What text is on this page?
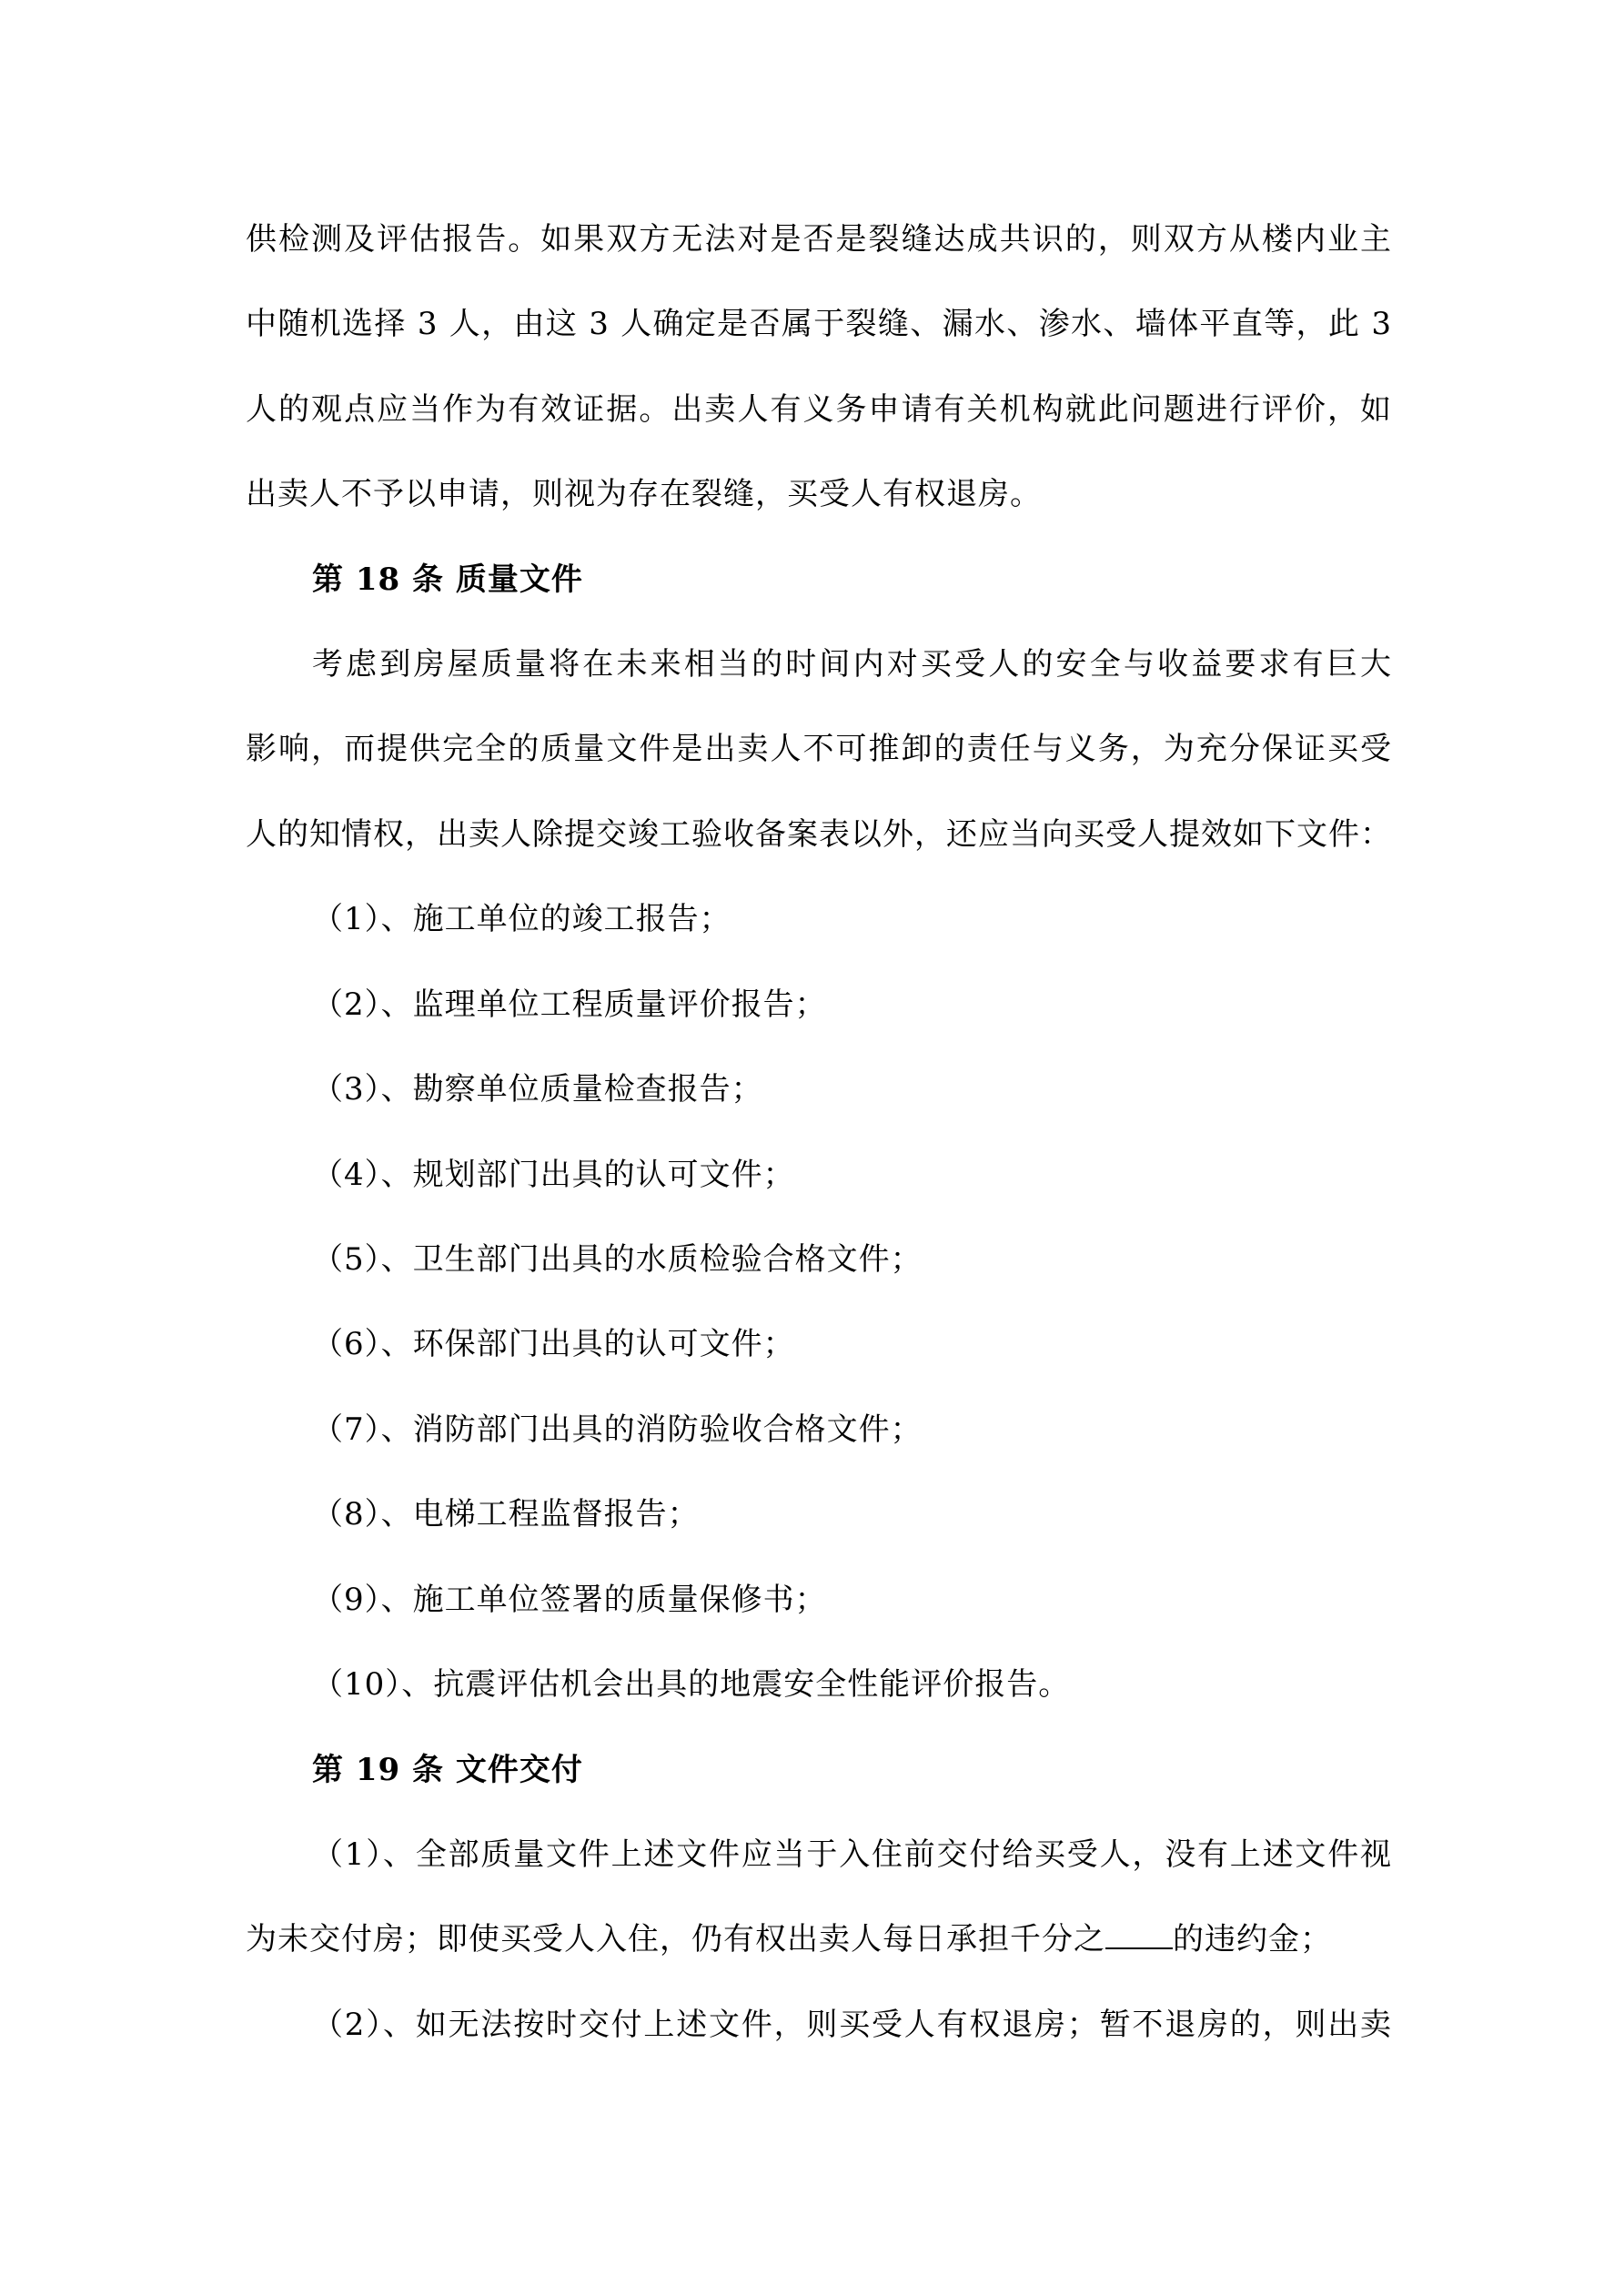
供检测及评估报告。如果双方无法对是否是裂缝达成共识的，则双方从楼内业主
中随机选择 3 人，由这 3 人确定是否属于裂缝、漏水、渗水、墙体平直等，此 3
人的观点应当作为有效证据。出卖人有义务申请有关机构就此问题进行评价，如
出卖人不予以申请，则视为存在裂缝，买受人有权退房。
第 18 条 质量文件
考虑到房屋质量将在未来相当的时间内对买受人的安全与收益要求有巨大
影响，而提供完全的质量文件是出卖人不可推卸的责任与义务，为充分保证买受
人的知情权，出卖人除提交竣工验收备案表以外，还应当向买受人提效如下文件：
（1）、施工单位的竣工报告；
（2）、监理单位工程质量评价报告；
（3）、勘察单位质量检查报告；
（4）、规划部门出具的认可文件；
（5）、卫生部门出具的水质检验合格文件；
（6）、环保部门出具的认可文件；
（7）、消防部门出具的消防验收合格文件；
（8）、电梯工程监督报告；
（9）、施工单位签署的质量保修书；
（10）、抗震评估机会出具的地震安全性能评价报告。
第 19 条 文件交付
（1）、全部质量文件上述文件应当于入住前交付给买受人，没有上述文件视
为未交付房；即使买受人入住，仍有权出卖人每日承担千分之 的违约金；
（2）、如无法按时交付上述文件，则买受人有权退房；暂不退房的，则出卖
